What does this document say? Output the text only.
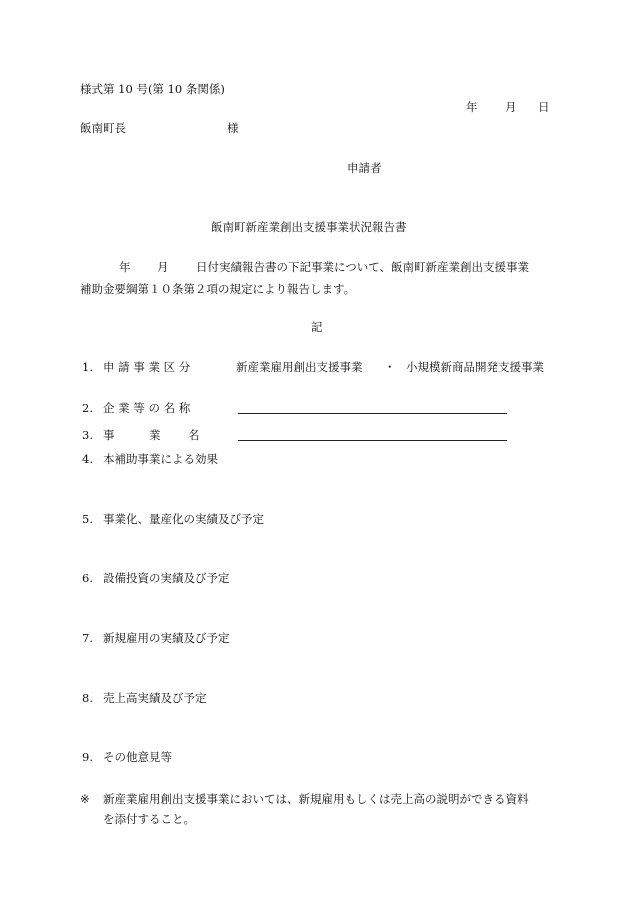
様式第 10 号(第 10 条関係)
年 月 日
飯南町長	様
申請者
飯南町新産業創出支援事業状況報告書
年 月 日付実績報告書の下記事業について、飯南町新産業創出支援事業
補助金要綱第１０条第２項の規定により報告します。
記
1. 申 請 事 業 区 分	新産業雇用創出支援事業 ・ 小規模新商品開発支援事業
2. 企 業 等 の 名 称
3. 事	業 名
4. 本補助事業による効果
5. 事業化、量産化の実績及び予定
6. 設備投資の実績及び予定
7. 新規雇用の実績及び予定
8. 売上高実績及び予定
9. その他意見等
※ 新産業雇用創出支援事業においては、新規雇用もしくは売上高の説明ができる資料
を添付すること。
